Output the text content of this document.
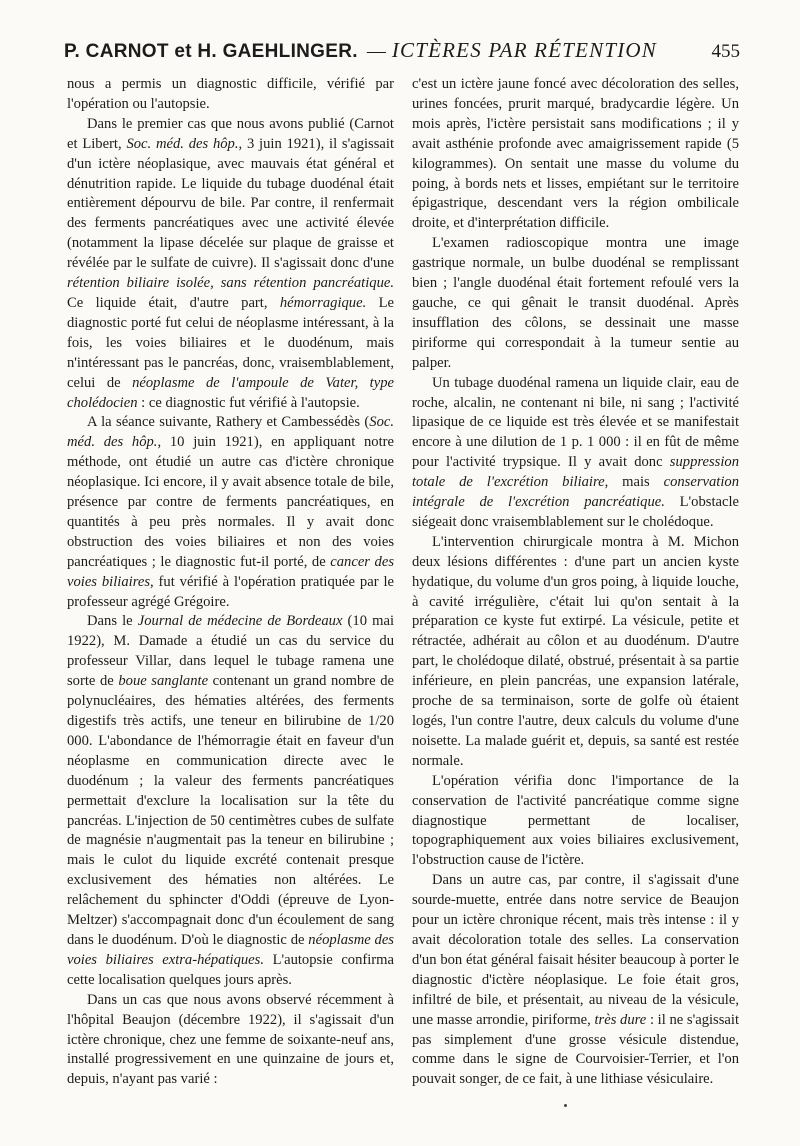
P. CARNOT et H. GAEHLINGER. — ICTÈRES PAR RÉTENTION	455

nous a permis un diagnostic difficile, vérifié par l'opération ou l'autopsie.

Dans le premier cas que nous avons publié (Carnot et Libert, Soc. méd. des hôp., 3 juin 1921), il s'agissait d'un ictère néoplasique, avec mauvais état général et dénutrition rapide. Le liquide du tubage duodénal était entièrement dépourvu de bile. Par contre, il renfermait des ferments pancréatiques avec une activité élevée (notamment la lipase décelée sur plaque de graisse et révélée par le sulfate de cuivre). Il s'agissait donc d'une rétention biliaire isolée, sans rétention pancréatique. Ce liquide était, d'autre part, hémorragique. Le diagnostic porté fut celui de néoplasme intéressant, à la fois, les voies biliaires et le duodénum, mais n'intéressant pas le pancréas, donc, vraisemblablement, celui de néoplasme de l'ampoule de Vater, type cholédocien : ce diagnostic fut vérifié à l'autopsie.

A la séance suivante, Rathery et Cambessédès (Soc. méd. des hôp., 10 juin 1921), en appliquant notre méthode, ont étudié un autre cas d'ictère chronique néoplasique. Ici encore, il y avait absence totale de bile, présence par contre de ferments pancréatiques, en quantités à peu près normales. Il y avait donc obstruction des voies biliaires et non des voies pancréatiques ; le diagnostic fut-il porté, de cancer des voies biliaires, fut vérifié à l'opération pratiquée par le professeur agrégé Grégoire.

Dans le Journal de médecine de Bordeaux (10 mai 1922), M. Damade a étudié un cas du service du professeur Villar, dans lequel le tubage ramena une sorte de boue sanglante contenant un grand nombre de polynucléaires, des hématies altérées, des ferments digestifs très actifs, une teneur en bilirubine de 1/20 000. L'abondance de l'hémorragie était en faveur d'un néoplasme en communication directe avec le duodénum ; la valeur des ferments pancréatiques permettait d'exclure la localisation sur la tête du pancréas. L'injection de 50 centimètres cubes de sulfate de magnésie n'augmentait pas la teneur en bilirubine ; mais le culot du liquide excrété contenait presque exclusivement des hématies non altérées. Le relâchement du sphincter d'Oddi (épreuve de Lyon-Meltzer) s'accompagnait donc d'un écoulement de sang dans le duodénum. D'où le diagnostic de néoplasme des voies biliaires extra-hépatiques. L'autopsie confirma cette localisation quelques jours après.

Dans un cas que nous avons observé récemment à l'hôpital Beaujon (décembre 1922), il s'agissait d'un ictère chronique, chez une femme de soixante-neuf ans, installé progressivement en une quinzaine de jours et, depuis, n'ayant pas varié :

c'est un ictère jaune foncé avec décoloration des selles, urines foncées, prurit marqué, bradycardie légère. Un mois après, l'ictère persistait sans modifications ; il y avait asthénie profonde avec amaigrissement rapide (5 kilogrammes). On sentait une masse du volume du poing, à bords nets et lisses, empiétant sur le territoire épigastrique, descendant vers la région ombilicale droite, et d'interprétation difficile.

L'examen radioscopique montra une image gastrique normale, un bulbe duodénal se remplissant bien ; l'angle duodénal était fortement refoulé vers la gauche, ce qui gênait le transit duodénal. Après insufflation des côlons, se dessinait une masse piriforme qui correspondait à la tumeur sentie au palper.

Un tubage duodénal ramena un liquide clair, eau de roche, alcalin, ne contenant ni bile, ni sang ; l'activité lipasique de ce liquide est très élevée et se manifestait encore à une dilution de 1 p. 1 000 : il en fût de même pour l'activité trypsique. Il y avait donc suppression totale de l'excrétion biliaire, mais conservation intégrale de l'excrétion pancréatique. L'obstacle siégeait donc vraisemblablement sur le cholédoque.

L'intervention chirurgicale montra à M. Michon deux lésions différentes : d'une part un ancien kyste hydatique, du volume d'un gros poing, à liquide louche, à cavité irrégulière, c'était lui qu'on sentait à la préparation ce kyste fut extirpé. La vésicule, petite et rétractée, adhérait au côlon et au duodénum. D'autre part, le cholédoque dilaté, obstrué, présentait à sa partie inférieure, en plein pancréas, une expansion latérale, proche de sa terminaison, sorte de golfe où étaient logés, l'un contre l'autre, deux calculs du volume d'une noisette. La malade guérit et, depuis, sa santé est restée normale.

L'opération vérifia donc l'importance de la conservation de l'activité pancréatique comme signe diagnostique permettant de localiser, topographiquement aux voies biliaires exclusivement, l'obstruction cause de l'ictère.

Dans un autre cas, par contre, il s'agissait d'une sourde-muette, entrée dans notre service de Beaujon pour un ictère chronique récent, mais très intense : il y avait décoloration totale des selles. La conservation d'un bon état général faisait hésiter beaucoup à porter le diagnostic d'ictère néoplasique. Le foie était gros, infiltré de bile, et présentait, au niveau de la vésicule, une masse arrondie, piriforme, très dure : il ne s'agissait pas simplement d'une grosse vésicule distendue, comme dans le signe de Courvoisier-Terrier, et l'on pouvait songer, de ce fait, à une lithiase vésiculaire.
